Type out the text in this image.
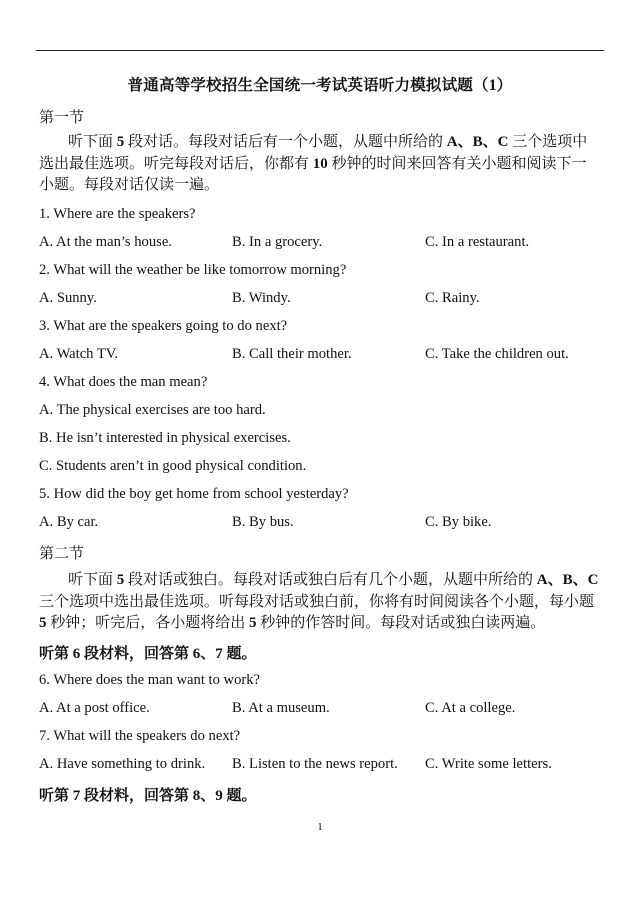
普通高等学校招生全国统一考试英语听力模拟试题（1）
第一节
听下面 5 段对话。每段对话后有一个小题，从题中所给的 A、B、C 三个选项中选出最佳选项。听完每段对话后，你都有 10 秒钟的时间来回答有关小题和阅读下一小题。每段对话仅读一遍。
1. Where are the speakers?
A. At the man’s house.	B. In a grocery.	C. In a restaurant.
2. What will the weather be like tomorrow morning?
A. Sunny.	B. Windy.	C. Rainy.
3. What are the speakers going to do next?
A. Watch TV.	B. Call their mother.	C. Take the children out.
4. What does the man mean?
A. The physical exercises are too hard.
B. He isn’t interested in physical exercises.
C. Students aren’t in good physical condition.
5. How did the boy get home from school yesterday?
A. By car.	B. By bus.	C. By bike.
第二节
听下面 5 段对话或独白。每段对话或独白后有几个小题，从题中所给的 A、B、C 三个选项中选出最佳选项。听每段对话或独白前，你将有时间阅读各个小题，每小题 5 秒钟；听完后，各小题将给出 5 秒钟的作答时间。每段对话或独白读两遍。
听第 6 段材料，回答第 6、7 题。
6. Where does the man want to work?
A. At a post office.	B. At a museum.	C. At a college.
7. What will the speakers do next?
A. Have something to drink. B. Listen to the news report. C. Write some letters.
听第 7 段材料，回答第 8、9 题。
1
